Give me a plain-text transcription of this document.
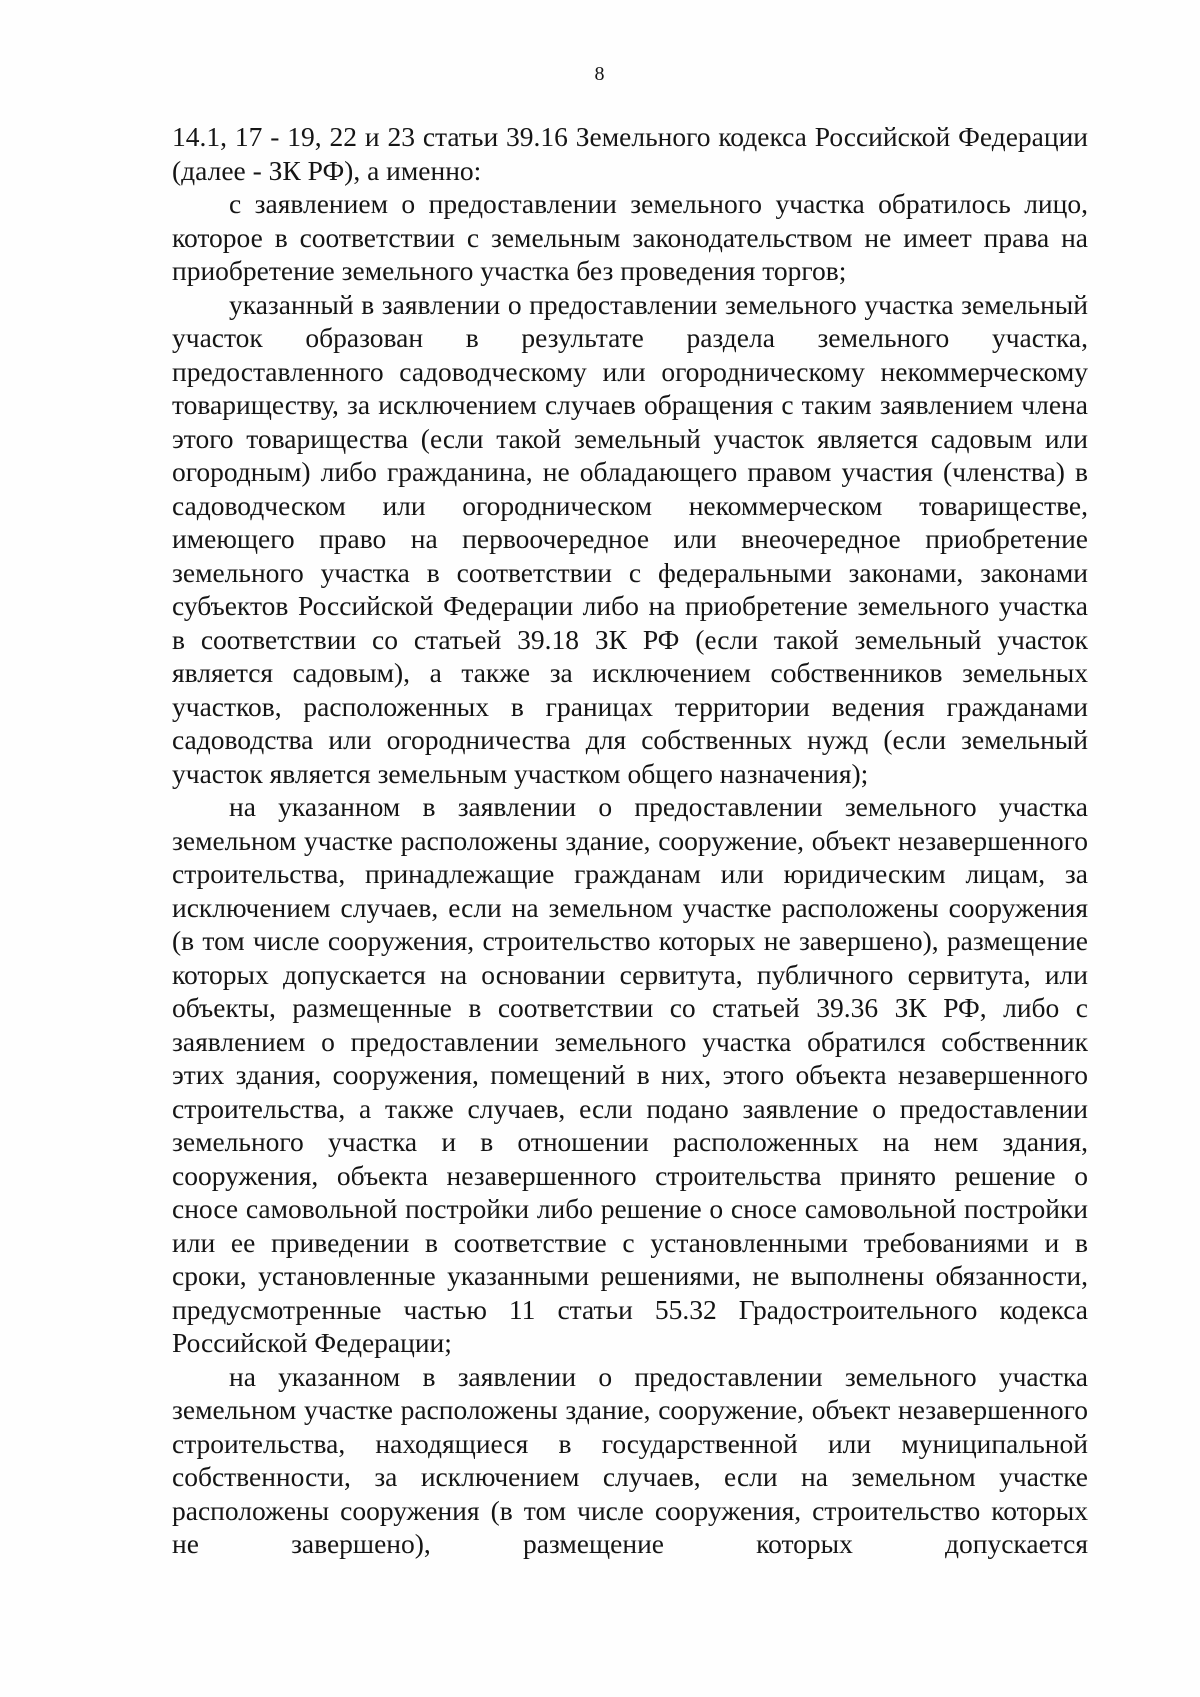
8

14.1, 17 - 19, 22 и 23 статьи 39.16 Земельного кодекса Российской Федерации (далее - ЗК РФ), а именно:

с заявлением о предоставлении земельного участка обратилось лицо, которое в соответствии с земельным законодательством не имеет права на приобретение земельного участка без проведения торгов;

указанный в заявлении о предоставлении земельного участка земельный участок образован в результате раздела земельного участка, предоставленного садоводческому или огородническому некоммерческому товариществу, за исключением случаев обращения с таким заявлением члена этого товарищества (если такой земельный участок является садовым или огородным) либо гражданина, не обладающего правом участия (членства) в садоводческом или огородническом некоммерческом товариществе, имеющего право на первоочередное или внеочередное приобретение земельного участка в соответствии с федеральными законами, законами субъектов Российской Федерации либо на приобретение земельного участка в соответствии со статьей 39.18 ЗК РФ (если такой земельный участок является садовым), а также за исключением собственников земельных участков, расположенных в границах территории ведения гражданами садоводства или огородничества для собственных нужд (если земельный участок является земельным участком общего назначения);

на указанном в заявлении о предоставлении земельного участка земельном участке расположены здание, сооружение, объект незавершенного строительства, принадлежащие гражданам или юридическим лицам, за исключением случаев, если на земельном участке расположены сооружения (в том числе сооружения, строительство которых не завершено), размещение которых допускается на основании сервитута, публичного сервитута, или объекты, размещенные в соответствии со статьей 39.36 ЗК РФ, либо с заявлением о предоставлении земельного участка обратился собственник этих здания, сооружения, помещений в них, этого объекта незавершенного строительства, а также случаев, если подано заявление о предоставлении земельного участка и в отношении расположенных на нем здания, сооружения, объекта незавершенного строительства принято решение о сносе самовольной постройки либо решение о сносе самовольной постройки или ее приведении в соответствие с установленными требованиями и в сроки, установленные указанными решениями, не выполнены обязанности, предусмотренные частью 11 статьи 55.32 Градостроительного кодекса Российской Федерации;

на указанном в заявлении о предоставлении земельного участка земельном участке расположены здание, сооружение, объект незавершенного строительства, находящиеся в государственной или муниципальной собственности, за исключением случаев, если на земельном участке расположены сооружения (в том числе сооружения, строительство которых не завершено), размещение которых допускается
